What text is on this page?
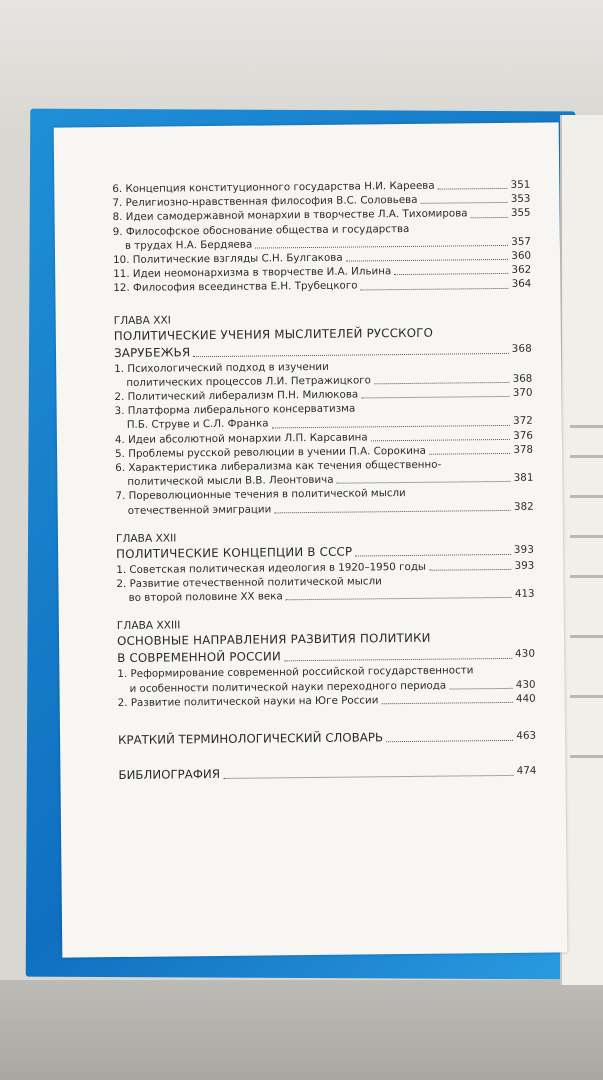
6. Концепция конституционного государства Н.И. Кареева	351
7. Религиозно-нравственная философия В.С. Соловьева	353
8. Идеи самодержавной монархии в творчестве Л.А. Тихомирова	355
9. Философское обоснование общества и государства
в трудах Н.А. Бердяева	357
10. Политические взгляды С.Н. Булгакова	360
11. Идеи неомонархизма в творчестве И.А. Ильина	362
12. Философия всеединства Е.Н. Трубецкого	364
ГЛАВА XXI
ПОЛИТИЧЕСКИЕ УЧЕНИЯ МЫСЛИТЕЛЕЙ РУССКОГО
ЗАРУБЕЖЬЯ	368
1. Психологический подход в изучении
политических процессов Л.И. Петражицкого	368
2. Политический либерализм П.Н. Милюкова	370
3. Платформа либерального консерватизма
П.Б. Струве и С.Л. Франка	372
4. Идеи абсолютной монархии Л.П. Карсавина	376
5. Проблемы русской революции в учении П.А. Сорокина	378
6. Характеристика либерализма как течения общественно-
политической мысли В.В. Леонтовича	381
7. Пореволюционные течения в политической мысли
отечественной эмиграции	382
ГЛАВА XXII
ПОЛИТИЧЕСКИЕ КОНЦЕПЦИИ В СССР	393
1. Советская политическая идеология в 1920–1950 годы	393
2. Развитие отечественной политической мысли
во второй половине XX века	413
ГЛАВА XXIII
ОСНОВНЫЕ НАПРАВЛЕНИЯ РАЗВИТИЯ ПОЛИТИКИ
В СОВРЕМЕННОЙ РОССИИ	430
1. Реформирование современной российской государственности
и особенности политической науки переходного периода	430
2. Развитие политической науки на Юге России	440
КРАТКИЙ ТЕРМИНОЛОГИЧЕСКИЙ СЛОВАРЬ	463
БИБЛИОГРАФИЯ	474
